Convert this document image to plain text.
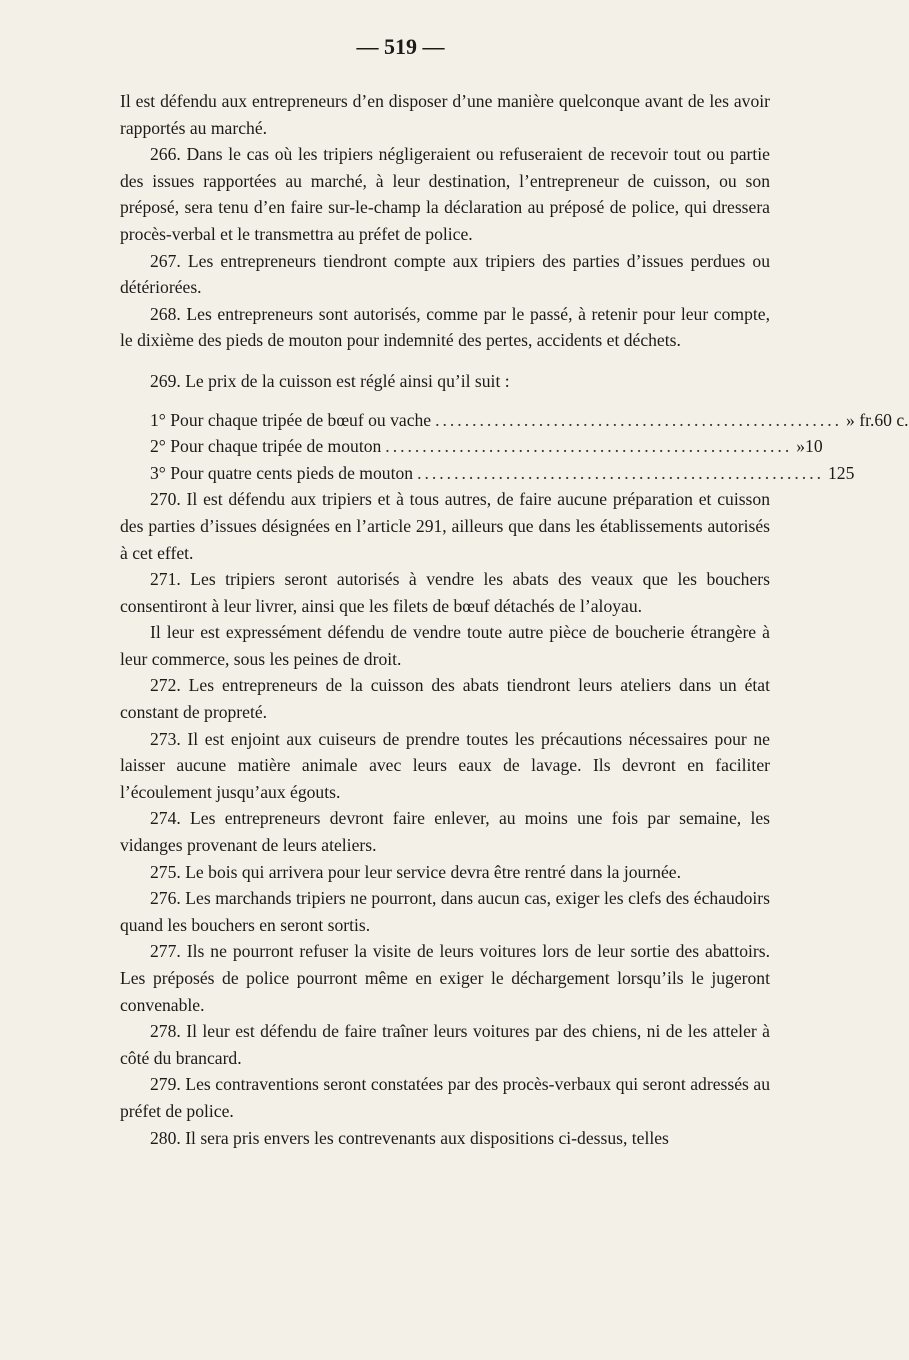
— 519 —

Il est défendu aux entrepreneurs d’en disposer d’une manière quelconque avant de les avoir rapportés au marché.

266. Dans le cas où les tripiers négligeraient ou refuseraient de recevoir tout ou partie des issues rapportées au marché, à leur destination, l’entrepreneur de cuisson, ou son préposé, sera tenu d’en faire sur-le-champ la déclaration au préposé de police, qui dressera procès-verbal et le transmettra au préfet de police.

267. Les entrepreneurs tiendront compte aux tripiers des parties d’issues perdues ou détériorées.

268. Les entrepreneurs sont autorisés, comme par le passé, à retenir pour leur compte, le dixième des pieds de mouton pour indemnité des pertes, accidents et déchets.

269. Le prix de la cuisson est réglé ainsi qu’il suit :

1° Pour chaque tripée de bœuf ou vache ....................................................... » fr. 60 c.
2° Pour chaque tripée de mouton ....................................................... » 10
3° Pour quatre cents pieds de mouton ....................................................... 1 25

270. Il est défendu aux tripiers et à tous autres, de faire aucune préparation et cuisson des parties d’issues désignées en l’article 291, ailleurs que dans les établissements autorisés à cet effet.

271. Les tripiers seront autorisés à vendre les abats des veaux que les bouchers consentiront à leur livrer, ainsi que les filets de bœuf détachés de l’aloyau.

Il leur est expressément défendu de vendre toute autre pièce de boucherie étrangère à leur commerce, sous les peines de droit.

272. Les entrepreneurs de la cuisson des abats tiendront leurs ateliers dans un état constant de propreté.

273. Il est enjoint aux cuiseurs de prendre toutes les précautions nécessaires pour ne laisser aucune matière animale avec leurs eaux de lavage. Ils devront en faciliter l’écoulement jusqu’aux égouts.

274. Les entrepreneurs devront faire enlever, au moins une fois par semaine, les vidanges provenant de leurs ateliers.

275. Le bois qui arrivera pour leur service devra être rentré dans la journée.

276. Les marchands tripiers ne pourront, dans aucun cas, exiger les clefs des échaudoirs quand les bouchers en seront sortis.

277. Ils ne pourront refuser la visite de leurs voitures lors de leur sortie des abattoirs. Les préposés de police pourront même en exiger le déchargement lorsqu’ils le jugeront convenable.

278. Il leur est défendu de faire traîner leurs voitures par des chiens, ni de les atteler à côté du brancard.

279. Les contraventions seront constatées par des procès-verbaux qui seront adressés au préfet de police.

280. Il sera pris envers les contrevenants aux dispositions ci-dessus, telles
